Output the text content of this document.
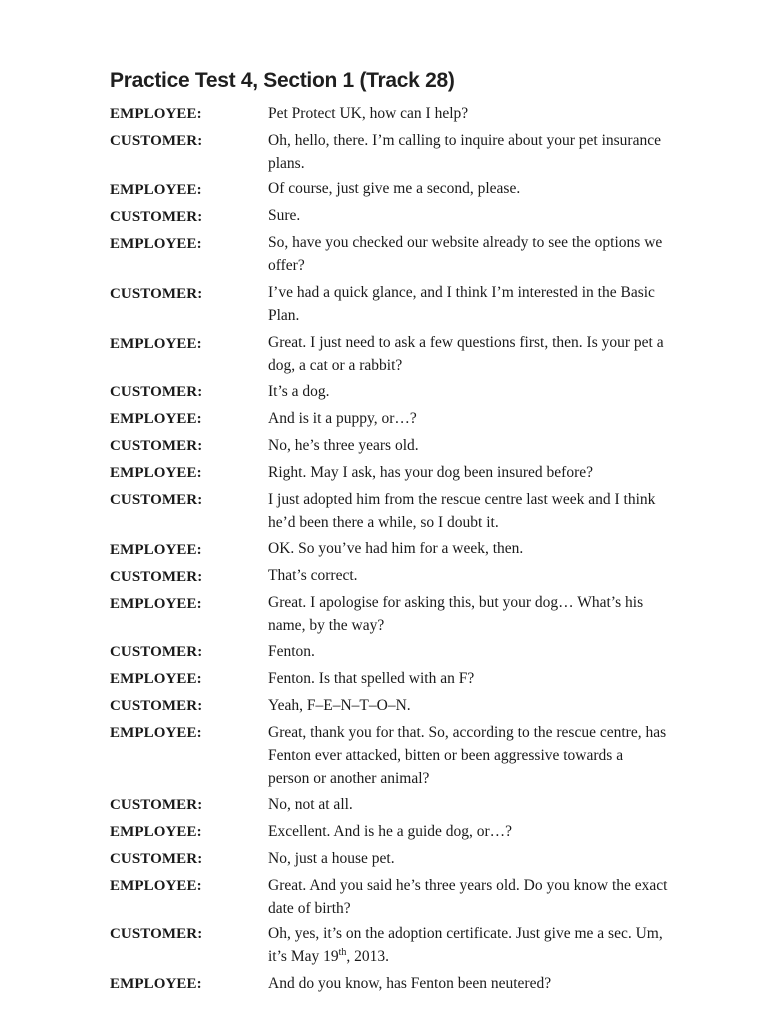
Practice Test 4, Section 1 (Track 28)
EMPLOYEE:	Pet Protect UK, how can I help?
CUSTOMER:	Oh, hello, there. I’m calling to inquire about your pet insurance plans.
EMPLOYEE:	Of course, just give me a second, please.
CUSTOMER:	Sure.
EMPLOYEE:	So, have you checked our website already to see the options we offer?
CUSTOMER:	I’ve had a quick glance, and I think I’m interested in the Basic Plan.
EMPLOYEE:	Great. I just need to ask a few questions first, then. Is your pet a dog, a cat or a rabbit?
CUSTOMER:	It’s a dog.
EMPLOYEE:	And is it a puppy, or…?
CUSTOMER:	No, he’s three years old.
EMPLOYEE:	Right. May I ask, has your dog been insured before?
CUSTOMER:	I just adopted him from the rescue centre last week and I think he’d been there a while, so I doubt it.
EMPLOYEE:	OK. So you’ve had him for a week, then.
CUSTOMER:	That’s correct.
EMPLOYEE:	Great. I apologise for asking this, but your dog… What’s his name, by the way?
CUSTOMER:	Fenton.
EMPLOYEE:	Fenton. Is that spelled with an F?
CUSTOMER:	Yeah, F–E–N–T–O–N.
EMPLOYEE:	Great, thank you for that. So, according to the rescue centre, has Fenton ever attacked, bitten or been aggressive towards a person or another animal?
CUSTOMER:	No, not at all.
EMPLOYEE:	Excellent. And is he a guide dog, or…?
CUSTOMER:	No, just a house pet.
EMPLOYEE:	Great. And you said he’s three years old. Do you know the exact date of birth?
CUSTOMER:	Oh, yes, it’s on the adoption certificate. Just give me a sec. Um, it’s May 19th, 2013.
EMPLOYEE:	And do you know, has Fenton been neutered?
